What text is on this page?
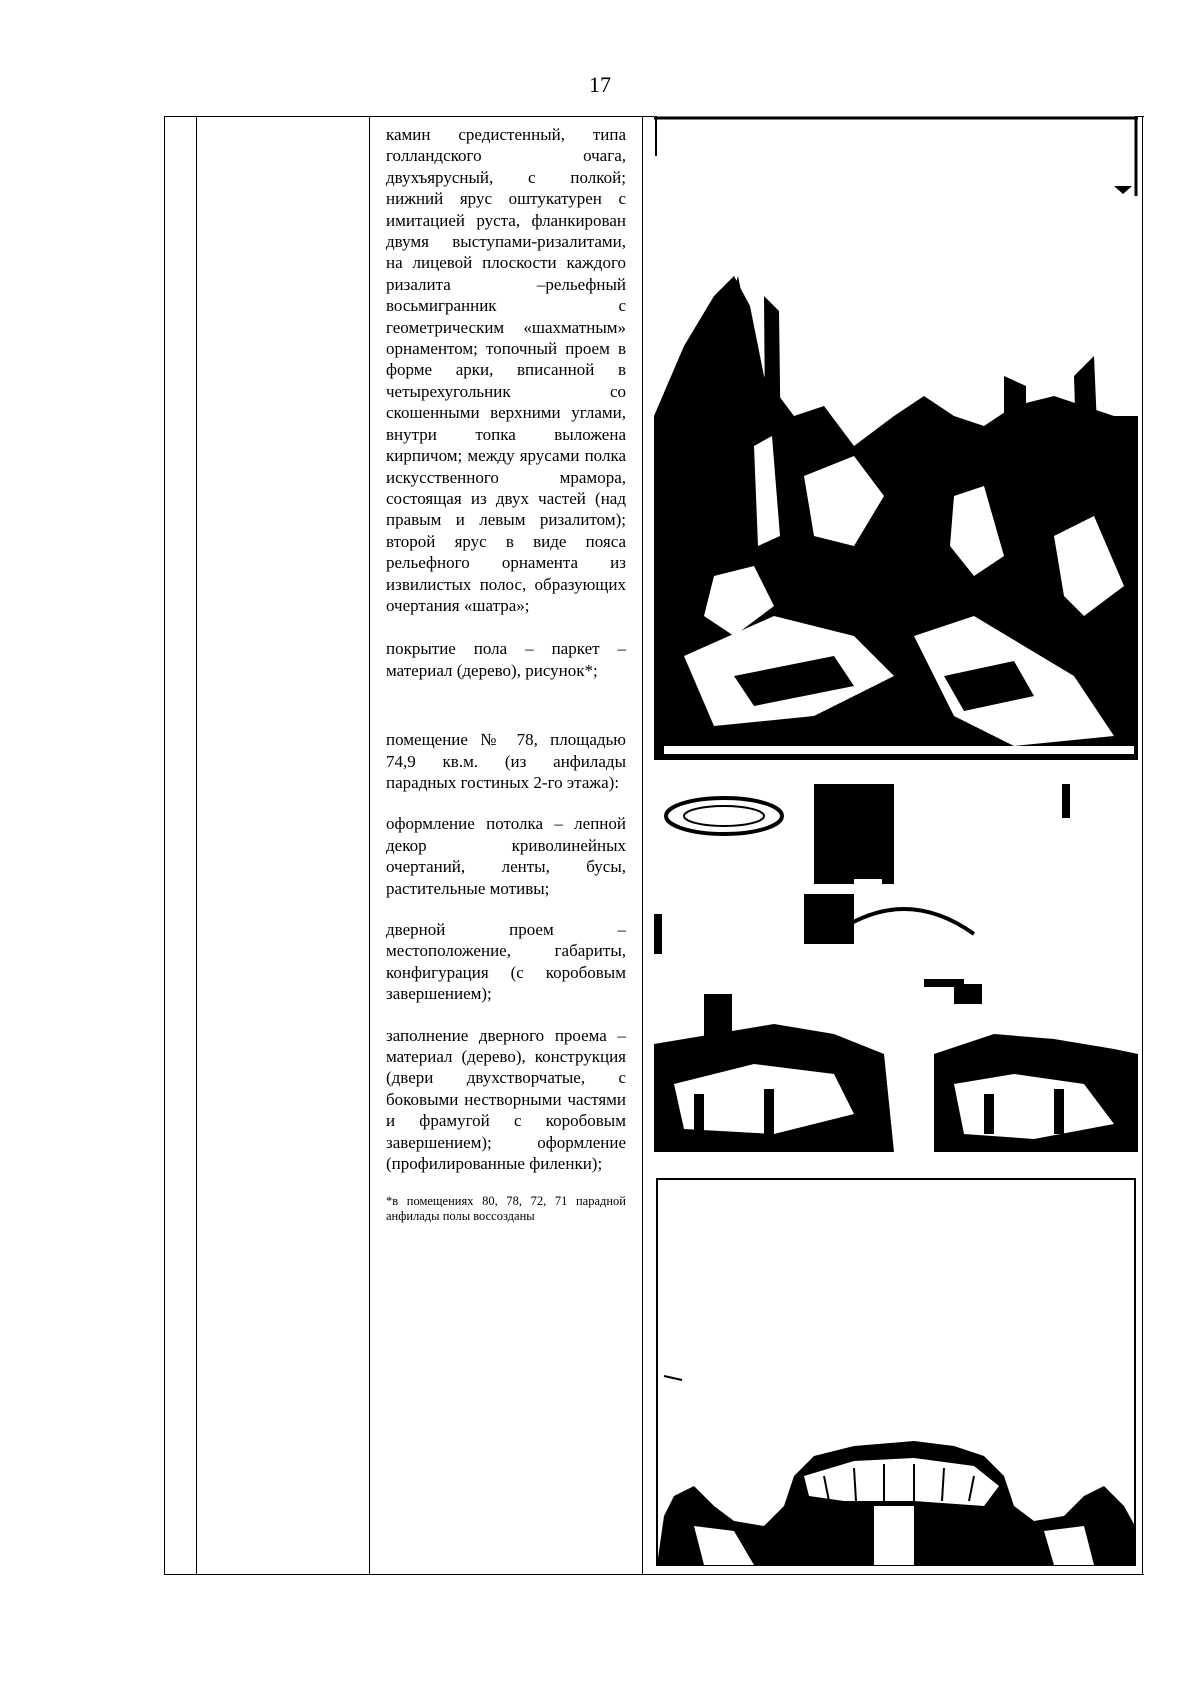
17

камин средистенный, типа голландского очага, двухъярусный, с полкой; нижний ярус оштукатурен с имитацией руста, фланкирован двумя выступами-ризалитами, на лицевой плоскости каждого ризалита –рельефный восьмигранник с геометрическим «шахматным» орнаментом; топочный проем в форме арки, вписанной в четырехугольник со скошенными верхними углами, внутри топка выложена кирпичом; между ярусами полка искусственного мрамора, состоящая из двух частей (над правым и левым ризалитом); второй ярус в виде пояса рельефного орнамента из извилистых полос, образующих очертания «шатра»;

покрытие пола – паркет – материал (дерево), рисунок*;

помещение № 78, площадью 74,9 кв.м. (из анфилады парадных гостиных 2-го этажа):

оформление потолка – лепной декор криволинейных очертаний, ленты, бусы, растительные мотивы;

дверной проем – местоположение, габариты, конфигурация (с коробовым завершением);

заполнение дверного проема – материал (дерево), конструкция (двери двухстворчатые, с боковыми нестворными частями и фрамугой с коробовым завершением); оформление (профилированные филенки);

*в помещениях 80, 78, 72, 71 парадной анфилады полы воссозданы
